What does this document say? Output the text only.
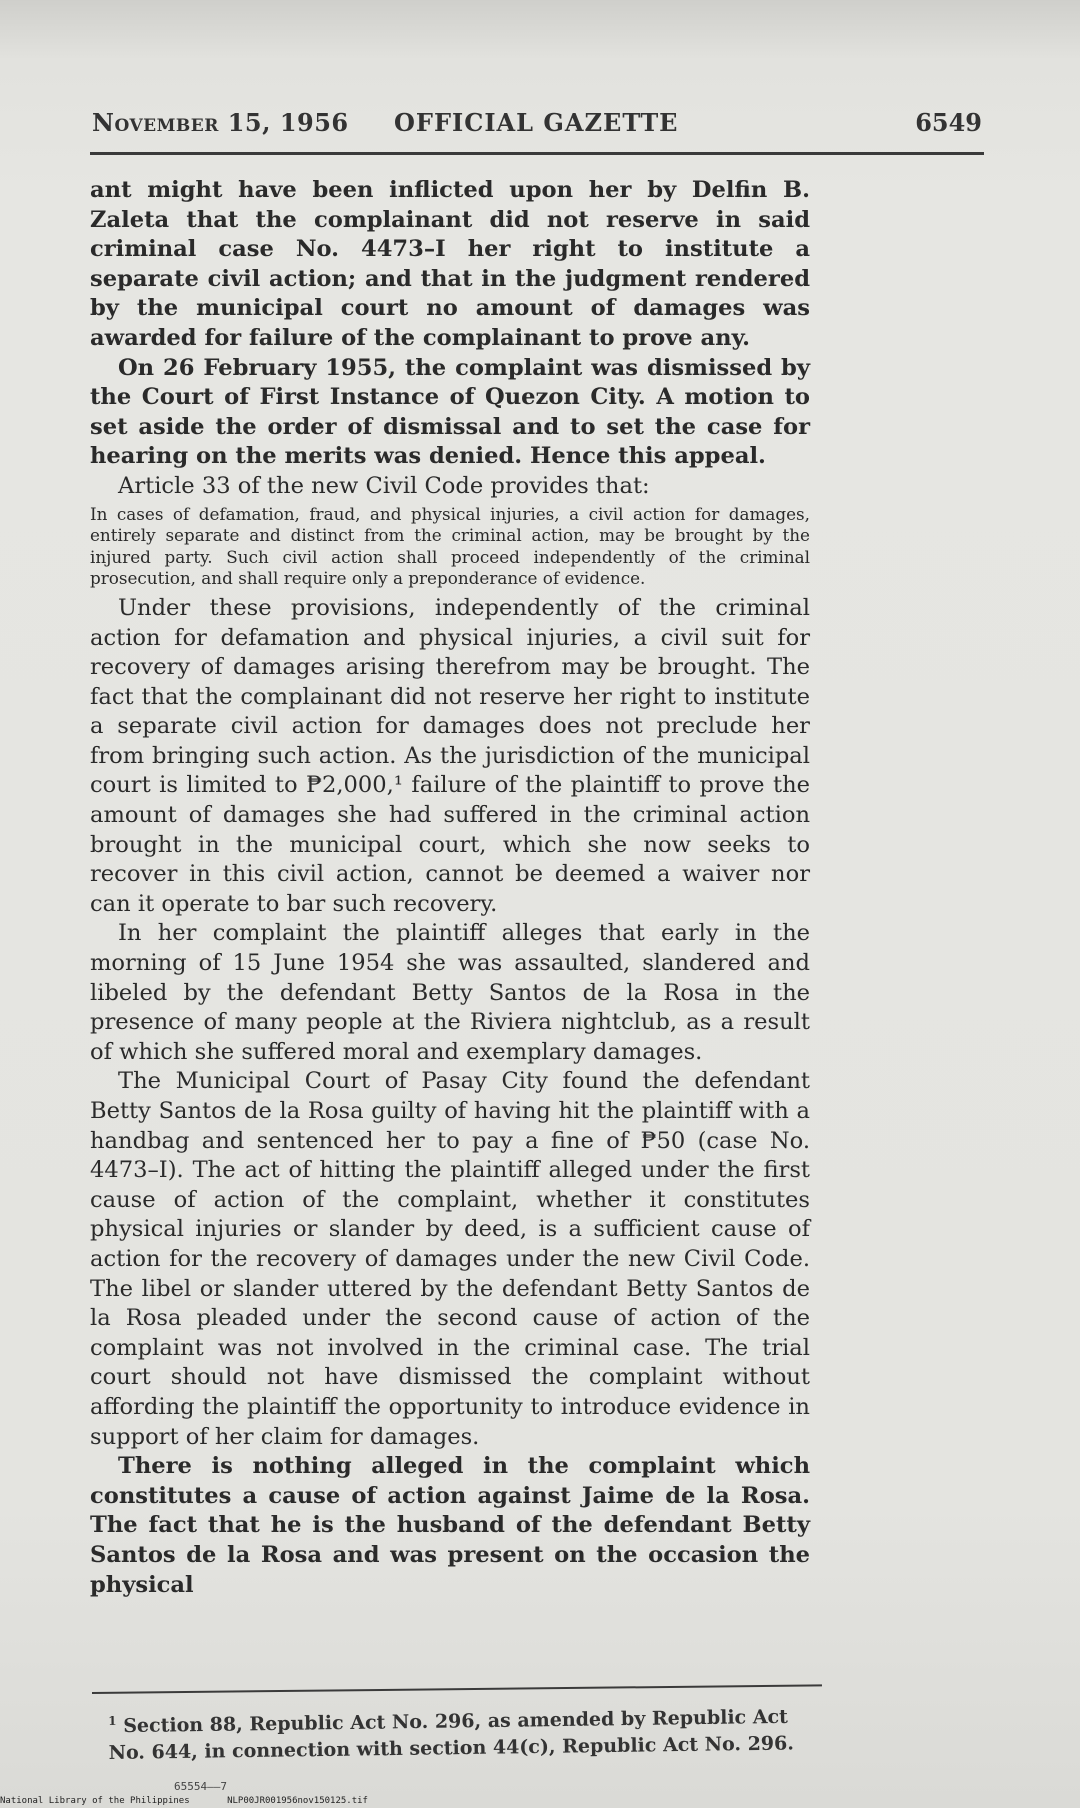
November 15, 1956 OFFICIAL GAZETTE	6549

ant might have been inflicted upon her by Delfin B. Zaleta that the complainant did not reserve in said criminal case No. 4473–I her right to institute a separate civil action; and that in the judgment rendered by the municipal court no amount of damages was awarded for failure of the complainant to prove any.

On 26 February 1955, the complaint was dismissed by the Court of First Instance of Quezon City. A motion to set aside the order of dismissal and to set the case for hearing on the merits was denied. Hence this appeal.

Article 33 of the new Civil Code provides that:

In cases of defamation, fraud, and physical injuries, a civil action for damages, entirely separate and distinct from the criminal action, may be brought by the injured party. Such civil action shall proceed independently of the criminal prosecution, and shall require only a preponderance of evidence.

Under these provisions, independently of the criminal action for defamation and physical injuries, a civil suit for recovery of damages arising therefrom may be brought. The fact that the complainant did not reserve her right to institute a separate civil action for damages does not preclude her from bringing such action. As the jurisdiction of the municipal court is limited to ₱2,000,¹ failure of the plaintiff to prove the amount of damages she had suffered in the criminal action brought in the municipal court, which she now seeks to recover in this civil action, cannot be deemed a waiver nor can it operate to bar such recovery.

In her complaint the plaintiff alleges that early in the morning of 15 June 1954 she was assaulted, slandered and libeled by the defendant Betty Santos de la Rosa in the presence of many people at the Riviera nightclub, as a result of which she suffered moral and exemplary damages.

The Municipal Court of Pasay City found the defendant Betty Santos de la Rosa guilty of having hit the plaintiff with a handbag and sentenced her to pay a fine of ₱50 (case No. 4473–I). The act of hitting the plaintiff alleged under the first cause of action of the complaint, whether it constitutes physical injuries or slander by deed, is a sufficient cause of action for the recovery of damages under the new Civil Code. The libel or slander uttered by the defendant Betty Santos de la Rosa pleaded under the second cause of action of the complaint was not involved in the criminal case. The trial court should not have dismissed the complaint without affording the plaintiff the opportunity to introduce evidence in support of her claim for damages.

There is nothing alleged in the complaint which constitutes a cause of action against Jaime de la Rosa. The fact that he is the husband of the defendant Betty Santos de la Rosa and was present on the occasion the physical

$^1$ Section 88, Republic Act No. 296, as amended by Republic Act No. 644, in connection with section 44(c), Republic Act No. 296.
65554——7
National Library of the Philippines	NLP00JR001956nov150125.tif
